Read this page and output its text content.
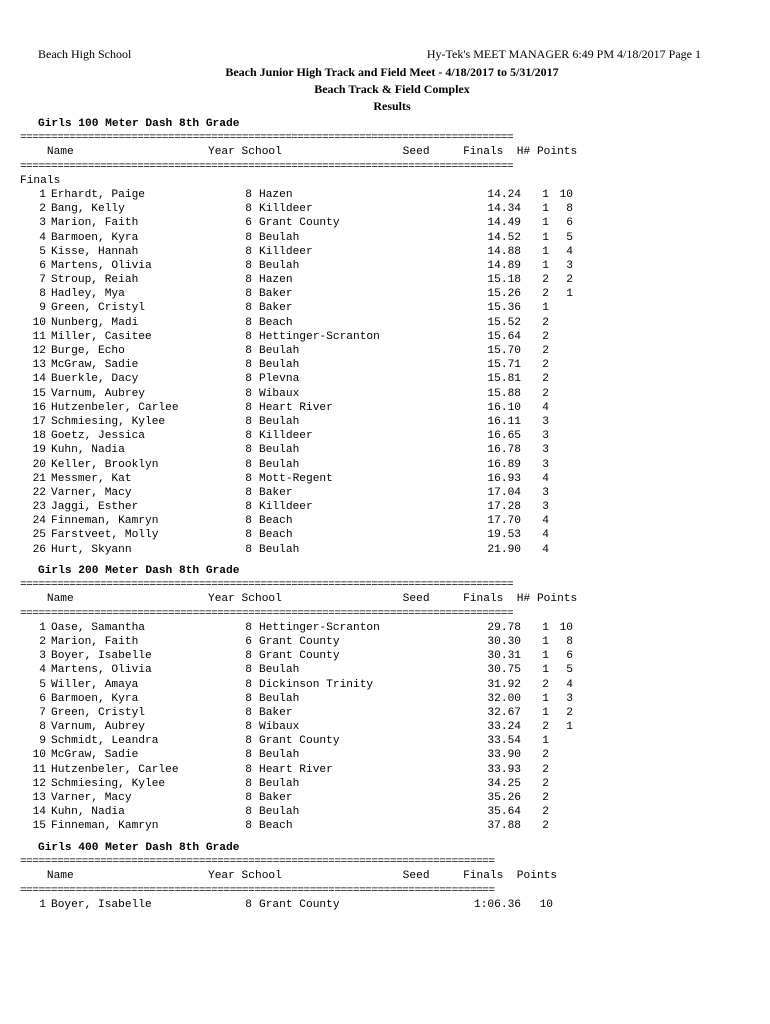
Beach High School	Hy-Tek's MEET MANAGER 6:49 PM 4/18/2017 Page 1
Beach Junior High Track and Field Meet - 4/18/2017 to 5/31/2017
Beach Track & Field Complex
Results
Girls 100 Meter Dash 8th Grade
================================================================================
Name                    Year School                  Seed     Finals  H# Points
================================================================================
Finals
1 Erhardt, Paige	8 Hazen	14.24 1 10
2 Bang, Kelly	8 Killdeer	14.34 1 8
3 Marion, Faith	6 Grant County	14.49 1 6
4 Barmoen, Kyra	8 Beulah	14.52 1 5
5 Kisse, Hannah	8 Killdeer	14.88 1 4
6 Martens, Olivia	8 Beulah	14.89 1 3
7 Stroup, Reiah	8 Hazen	15.18 2 2
8 Hadley, Mya	8 Baker	15.26 2 1
9 Green, Cristyl	8 Baker	15.36 1
10 Nunberg, Madi	8 Beach	15.52 2
11 Miller, Casitee	8 Hettinger-Scranton	15.64 2
12 Burge, Echo	8 Beulah	15.70 2
13 McGraw, Sadie	8 Beulah	15.71 2
14 Buerkle, Dacy	8 Plevna	15.81 2
15 Varnum, Aubrey	8 Wibaux	15.88 2
16 Hutzenbeler, Carlee	8 Heart River	16.10 4
17 Schmiesing, Kylee	8 Beulah	16.11 3
18 Goetz, Jessica	8 Killdeer	16.65 3
19 Kuhn, Nadia	8 Beulah	16.78 3
20 Keller, Brooklyn	8 Beulah	16.89 3
21 Messmer, Kat	8 Mott-Regent	16.93 4
22 Varner, Macy	8 Baker	17.04 3
23 Jaggi, Esther	8 Killdeer	17.28 3
24 Finneman, Kamryn	8 Beach	17.70 4
25 Farstveet, Molly	8 Beach	19.53 4
26 Hurt, Skyann	8 Beulah	21.90 4
Girls 200 Meter Dash 8th Grade
================================================================================
Name                    Year School                  Seed     Finals  H# Points
================================================================================
1 Oase, Samantha	8 Hettinger-Scranton	29.78 1 10
2 Marion, Faith	6 Grant County	30.30 1 8
3 Boyer, Isabelle	8 Grant County	30.31 1 6
4 Martens, Olivia	8 Beulah	30.75 1 5
5 Willer, Amaya	8 Dickinson Trinity	31.92 2 4
6 Barmoen, Kyra	8 Beulah	32.00 1 3
7 Green, Cristyl	8 Baker	32.67 1 2
8 Varnum, Aubrey	8 Wibaux	33.24 2 1
9 Schmidt, Leandra	8 Grant County	33.54 1
10 McGraw, Sadie	8 Beulah	33.90 2
11 Hutzenbeler, Carlee	8 Heart River	33.93 2
12 Schmiesing, Kylee	8 Beulah	34.25 2
13 Varner, Macy	8 Baker	35.26 2
14 Kuhn, Nadia	8 Beulah	35.64 2
15 Finneman, Kamryn	8 Beach	37.88 2
Girls 400 Meter Dash 8th Grade
=============================================================================
Name                    Year School                  Seed     Finals  Points
=============================================================================
1 Boyer, Isabelle	8 Grant County	1:06.36 10
